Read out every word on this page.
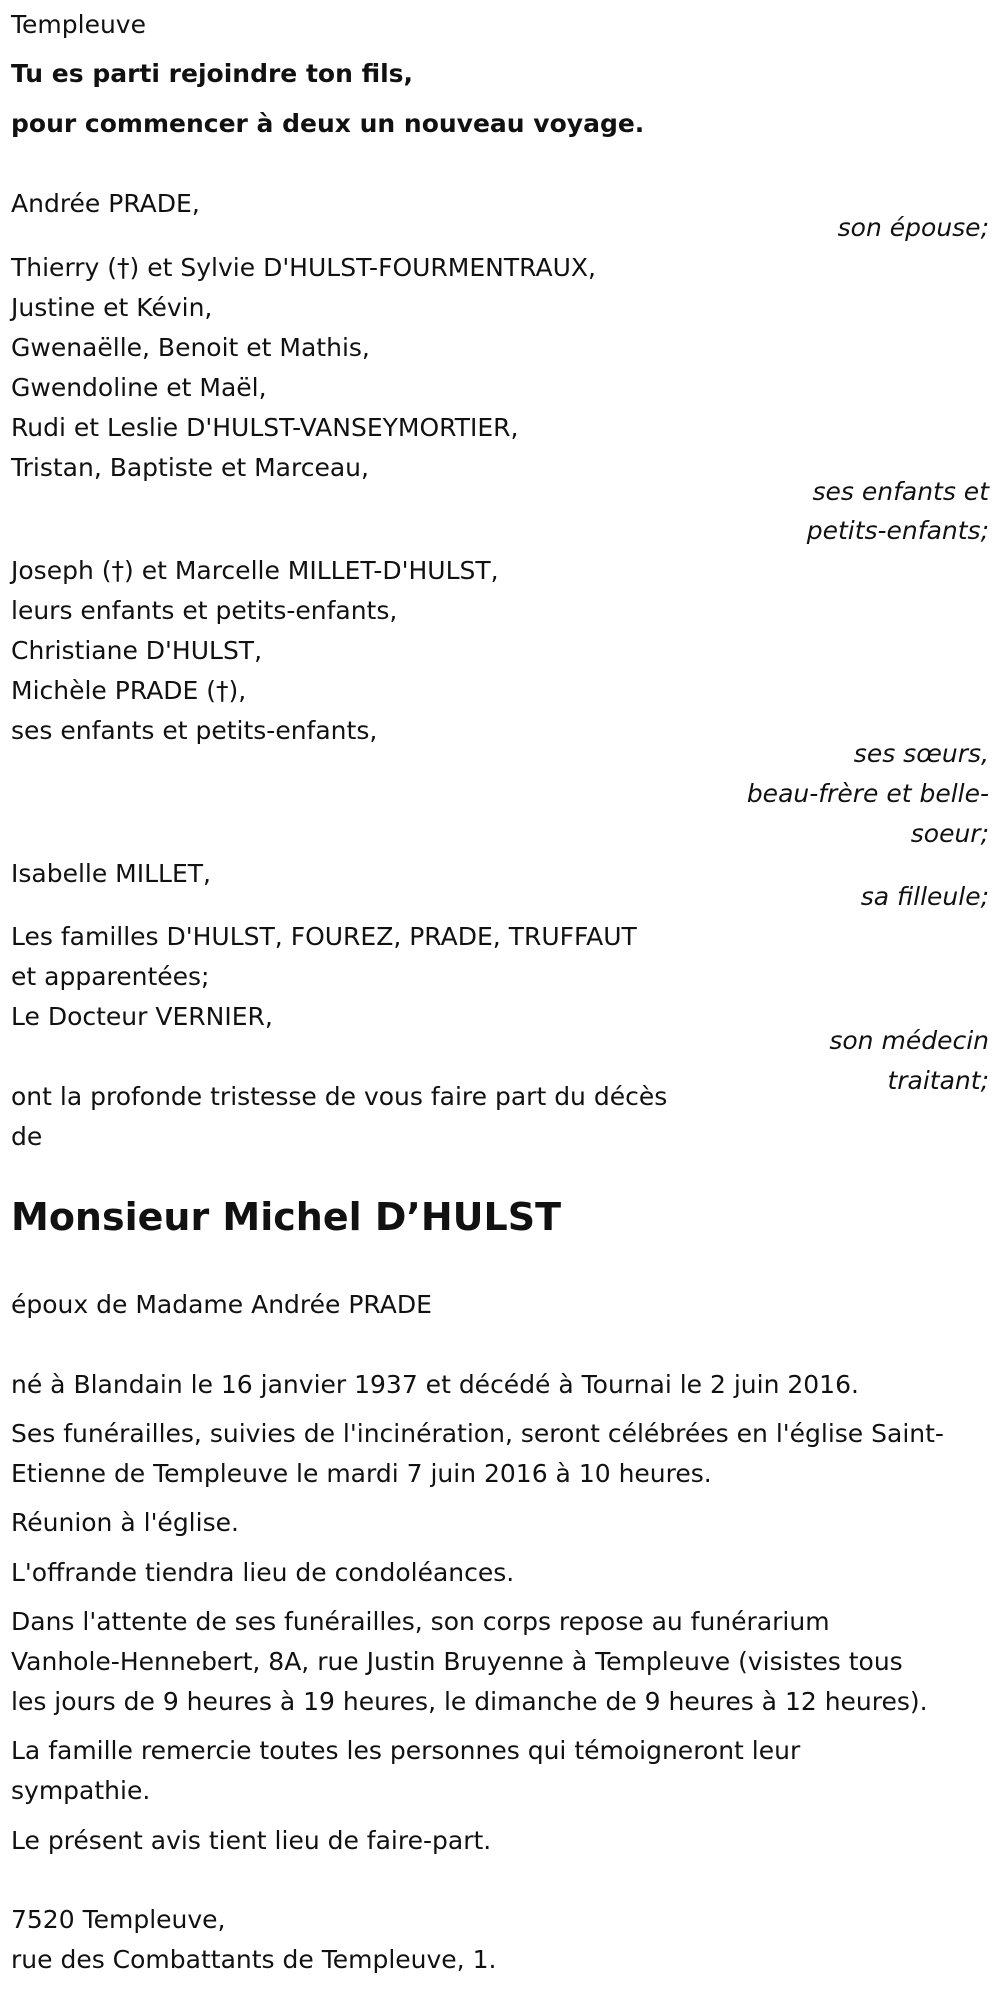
Templeuve
Tu es parti rejoindre ton fils,
pour commencer à deux un nouveau voyage.
Andrée PRADE,
son épouse;
Thierry (†) et Sylvie D'HULST-FOURMENTRAUX,
Justine et Kévin,
Gwenaëlle, Benoit et Mathis,
Gwendoline et Maël,
Rudi et Leslie D'HULST-VANSEYMORTIER,
Tristan, Baptiste et Marceau,
ses enfants et
petits-enfants;
Joseph (†) et Marcelle MILLET-D'HULST,
leurs enfants et petits-enfants,
Christiane D'HULST,
Michèle PRADE (†),
ses enfants et petits-enfants,
ses sœurs,
beau-frère et belle-
soeur;
Isabelle MILLET,
sa filleule;
Les familles D'HULST, FOUREZ, PRADE, TRUFFAUT
et apparentées;
Le Docteur VERNIER,
son médecin
traitant;
ont la profonde tristesse de vous faire part du décès
de
Monsieur Michel D’HULST
époux de Madame Andrée PRADE
né à Blandain le 16 janvier 1937 et décédé à Tournai le 2 juin 2016.
Ses funérailles, suivies de l'incinération, seront célébrées en l'église Saint-
Etienne de Templeuve le mardi 7 juin 2016 à 10 heures.
Réunion à l'église.
L'offrande tiendra lieu de condoléances.
Dans l'attente de ses funérailles, son corps repose au funérarium
Vanhole-Hennebert, 8A, rue Justin Bruyenne à Templeuve (visistes tous
les jours de 9 heures à 19 heures, le dimanche de 9 heures à 12 heures).
La famille remercie toutes les personnes qui témoigneront leur
sympathie.
Le présent avis tient lieu de faire-part.
7520 Templeuve,
rue des Combattants de Templeuve, 1.
